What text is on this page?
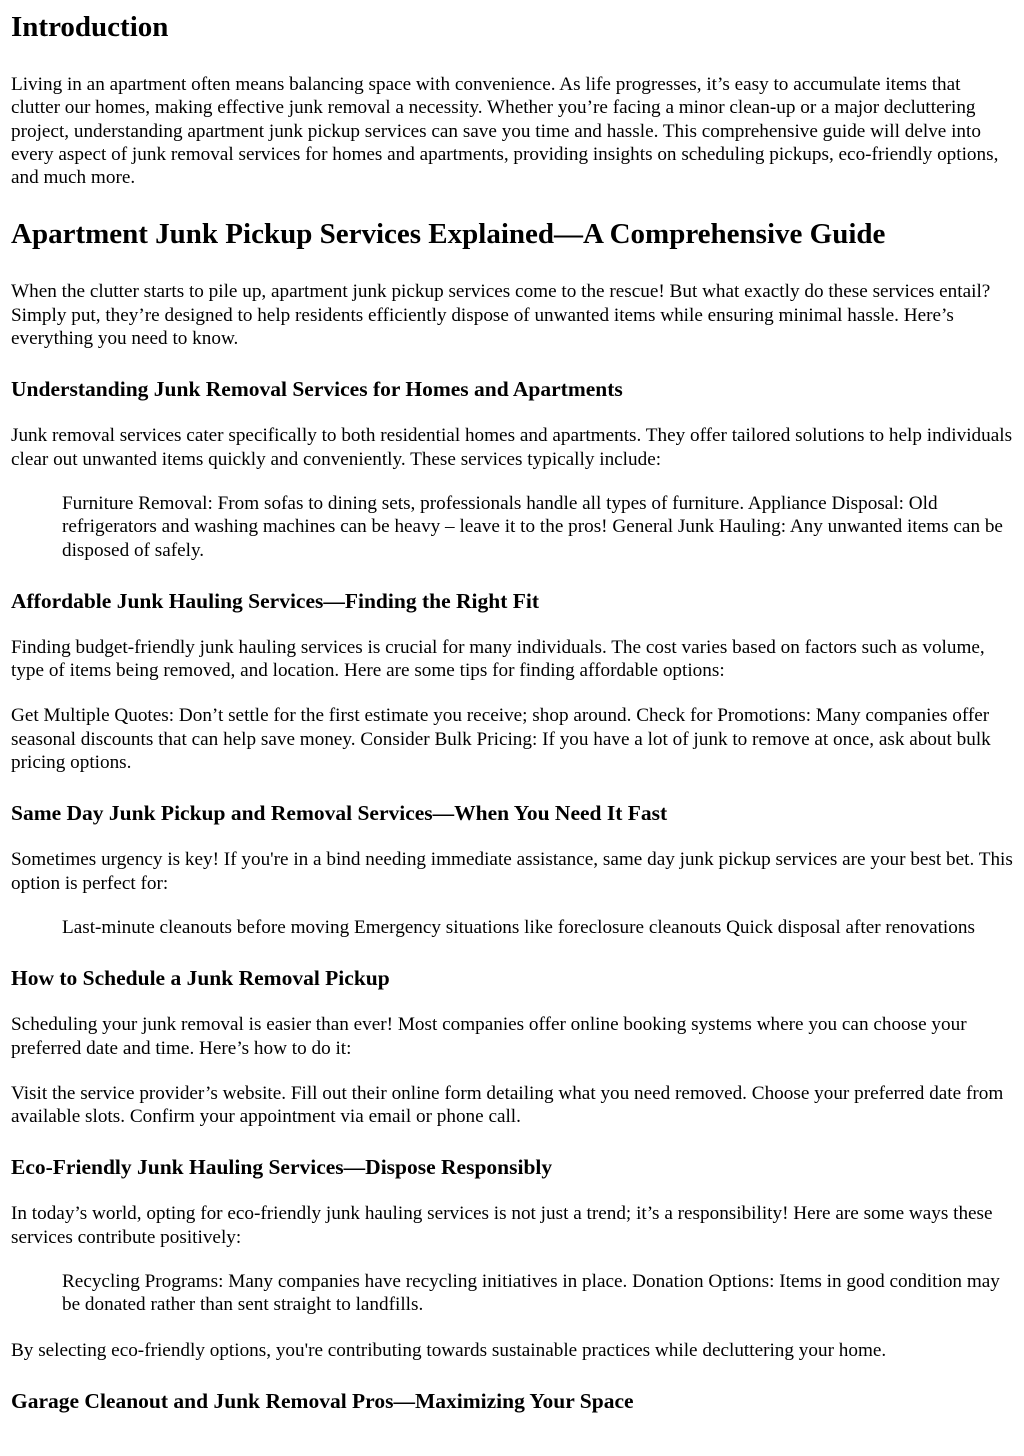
Introduction

Living in an apartment often means balancing space with convenience. As life progresses, it’s easy to accumulate items that clutter our homes, making effective junk removal a necessity. Whether you’re facing a minor clean-up or a major decluttering project, understanding apartment junk pickup services can save you time and hassle. This comprehensive guide will delve into every aspect of junk removal services for homes and apartments, providing insights on scheduling pickups, eco-friendly options, and much more.

Apartment Junk Pickup Services Explained—A Comprehensive Guide

When the clutter starts to pile up, apartment junk pickup services come to the rescue! But what exactly do these services entail? Simply put, they’re designed to help residents efficiently dispose of unwanted items while ensuring minimal hassle. Here’s everything you need to know.

Understanding Junk Removal Services for Homes and Apartments

Junk removal services cater specifically to both residential homes and apartments. They offer tailored solutions to help individuals clear out unwanted items quickly and conveniently. These services typically include:

Furniture Removal: From sofas to dining sets, professionals handle all types of furniture. Appliance Disposal: Old refrigerators and washing machines can be heavy – leave it to the pros! General Junk Hauling: Any unwanted items can be disposed of safely.
Affordable Junk Hauling Services—Finding the Right Fit

Finding budget-friendly junk hauling services is crucial for many individuals. The cost varies based on factors such as volume, type of items being removed, and location. Here are some tips for finding affordable options:

Get Multiple Quotes: Don’t settle for the first estimate you receive; shop around. Check for Promotions: Many companies offer seasonal discounts that can help save money. Consider Bulk Pricing: If you have a lot of junk to remove at once, ask about bulk pricing options.

Same Day Junk Pickup and Removal Services—When You Need It Fast

Sometimes urgency is key! If you're in a bind needing immediate assistance, same day junk pickup services are your best bet. This option is perfect for:

Last-minute cleanouts before moving Emergency situations like foreclosure cleanouts Quick disposal after renovations
How to Schedule a Junk Removal Pickup

Scheduling your junk removal is easier than ever! Most companies offer online booking systems where you can choose your preferred date and time. Here’s how to do it:

Visit the service provider’s website. Fill out their online form detailing what you need removed. Choose your preferred date from available slots. Confirm your appointment via email or phone call.

Eco-Friendly Junk Hauling Services—Dispose Responsibly

In today’s world, opting for eco-friendly junk hauling services is not just a trend; it’s a responsibility! Here are some ways these services contribute positively:

Recycling Programs: Many companies have recycling initiatives in place. Donation Options: Items in good condition may be donated rather than sent straight to landfills.

By selecting eco-friendly options, you're contributing towards sustainable practices while decluttering your home.

Garage Cleanout and Junk Removal Pros—Maximizing Your Space
